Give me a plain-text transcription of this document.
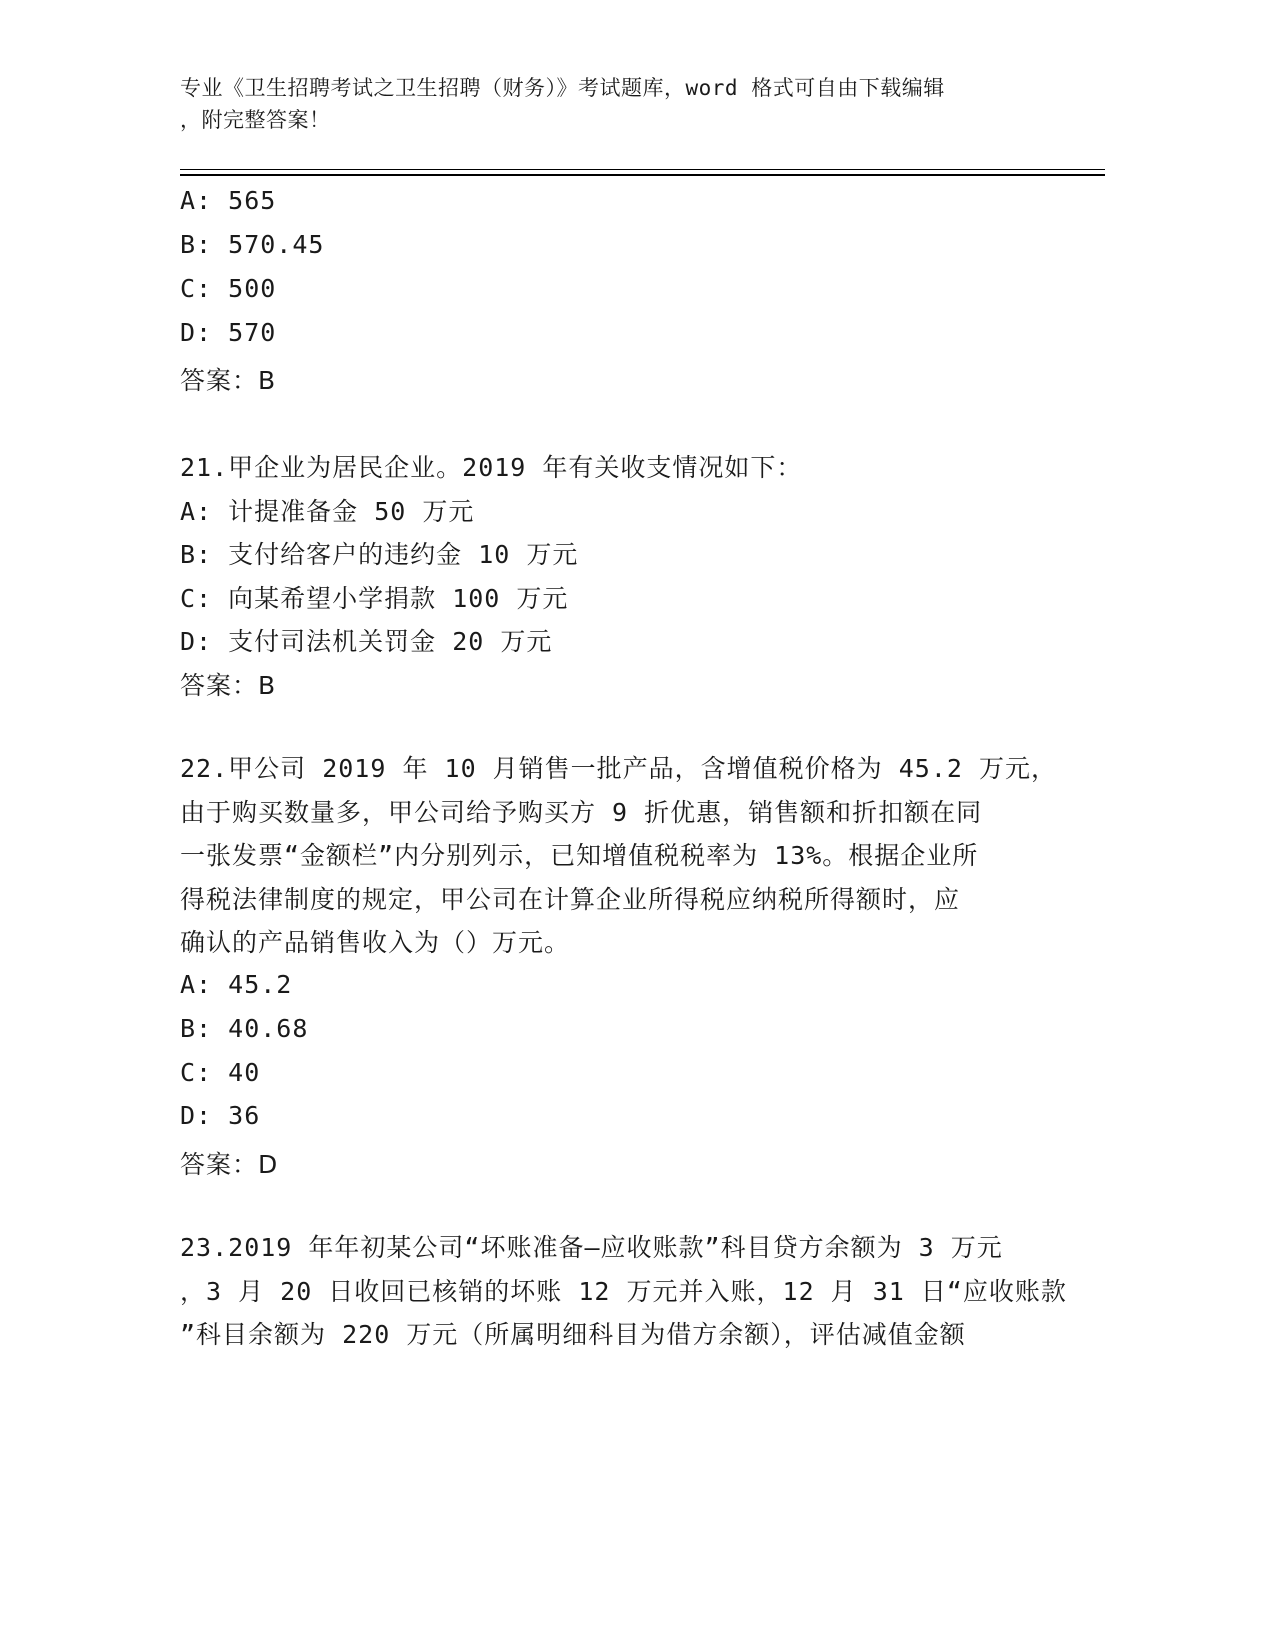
专业《卫生招聘考试之卫生招聘（财务）》考试题库，word 格式可自由下载编辑
，附完整答案！
A: 565
B: 570.45
C: 500
D: 570
答案：B
21.甲企业为居民企业。2019 年有关收支情况如下：
A: 计提准备金 50 万元
B: 支付给客户的违约金 10 万元
C: 向某希望小学捐款 100 万元
D: 支付司法机关罚金 20 万元
答案：B
22.甲公司 2019 年 10 月销售一批产品，含增值税价格为 45.2 万元，
由于购买数量多，甲公司给予购买方 9 折优惠，销售额和折扣额在同
一张发票“金额栏”内分别列示，已知增值税税率为 13%。根据企业所
得税法律制度的规定，甲公司在计算企业所得税应纳税所得额时，应
确认的产品销售收入为（）万元。
A: 45.2
B: 40.68
C: 40
D: 36
答案：D
23.2019 年年初某公司“坏账准备—应收账款”科目贷方余额为 3 万元
，3 月 20 日收回已核销的坏账 12 万元并入账，12 月 31 日“应收账款
”科目余额为 220 万元（所属明细科目为借方余额），评估减值金额
